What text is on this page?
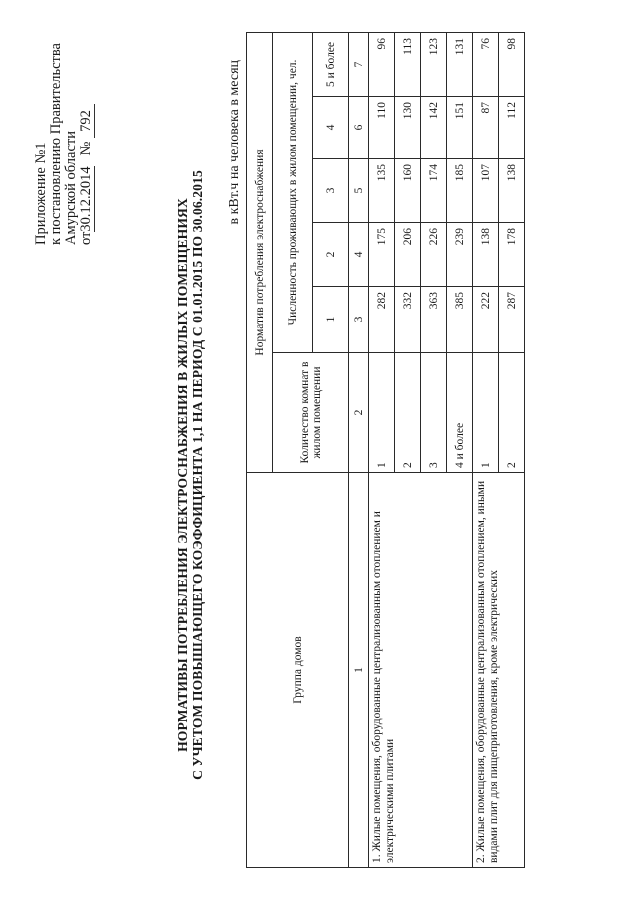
Приложение №1 к постановлению Правительства Амурской области от30.12.2014   № 792
НОРМАТИВЫ ПОТРЕБЛЕНИЯ ЭЛЕКТРОСНАБЖЕНИЯ В ЖИЛЫХ ПОМЕЩЕНИЯХ С УЧЕТОМ ПОВЫШАЮЩЕГО КОЭФФИЦИЕНТА 1,1 НА ПЕРИОД С 01.01.2015 ПО 30.06.2015
в кВт.ч на человека в месяц
Группа домов	Норматив потребления электроснабжения					
	Количество комнат в жилом помещении	Численность проживающих в жилом помещении, чел.				
		1	2	3	4	5 и более
1	2	3	4	5	6	7
1. Жилые помещения, оборудованные централизованным отоплением и электрическими плитами	1	282	175	135	110	96
	2	332	206	160	130	113
	3	363	226	174	142	123
	4 и более	385	239	185	151	131
2. Жилые помещения, оборудованные централизованным отоплением, иными видами плит для пищеприготовления, кроме электрических	1	222	138	107	87	76
	2	287	178	138	112	98
